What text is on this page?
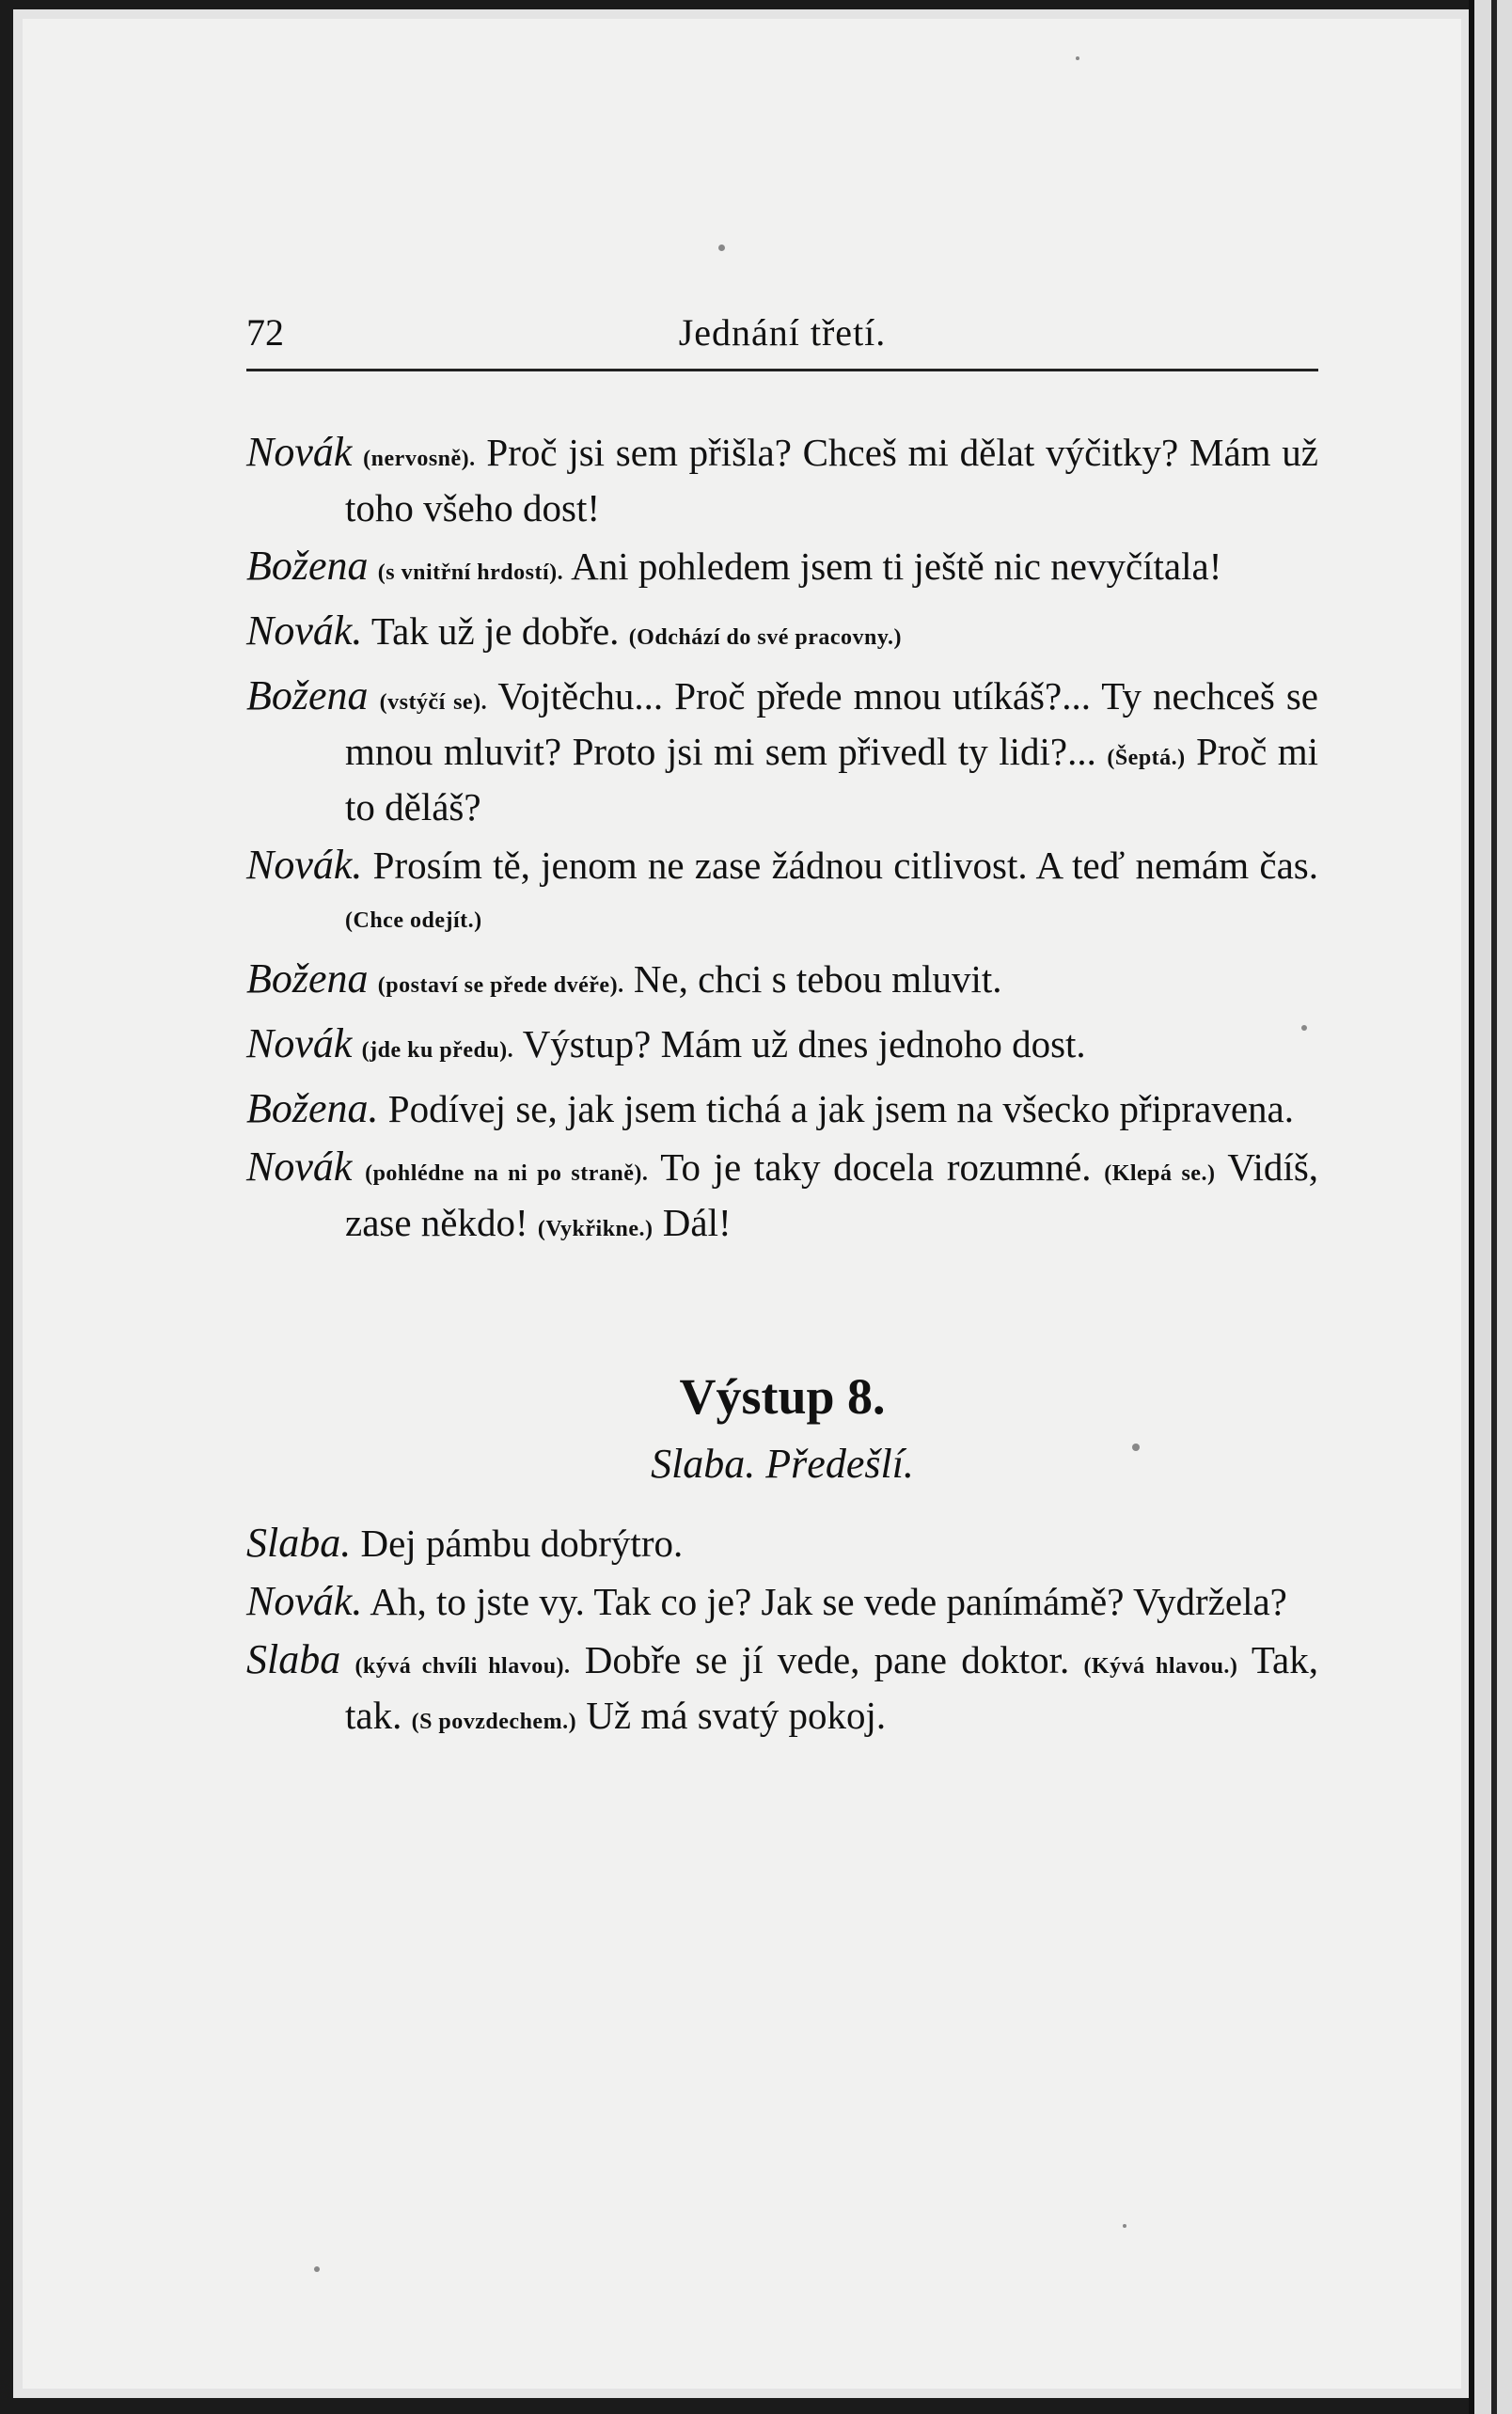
72	Jednání třetí.

Novák (nervosně). Proč jsi sem přišla? Chceš mi dělat výčitky? Mám už toho všeho dost!

Božena (s vnitřní hrdostí). Ani pohledem jsem ti ještě nic nevyčítala!

Novák. Tak už je dobře. (Odchází do své pracovny.)

Božena (vstýčí se). Vojtěchu... Proč přede mnou utíkáš?... Ty nechceš se mnou mluvit? Proto jsi mi sem přivedl ty lidi?... (Šeptá.) Proč mi to děláš?

Novák. Prosím tě, jenom ne zase žádnou citlivost. A teď nemám čas. (Chce odejít.)

Božena (postaví se přede dvéře). Ne, chci s tebou mluvit.

Novák (jde ku předu). Výstup? Mám už dnes jednoho dost.

Božena. Podívej se, jak jsem tichá a jak jsem na všecko připravena.

Novák (pohlédne na ni po straně). To je taky docela rozumné. (Klepá se.) Vidíš, zase někdo! (Vykřikne.) Dál!

Výstup 8.
Slaba. Předešlí.

Slaba. Dej pámbu dobrýtro.

Novák. Ah, to jste vy. Tak co je? Jak se vede panímámě? Vydržela?

Slaba (kývá chvíli hlavou). Dobře se jí vede, pane doktor. (Kývá hlavou.) Tak, tak. (S povzdechem.) Už má svatý pokoj.
